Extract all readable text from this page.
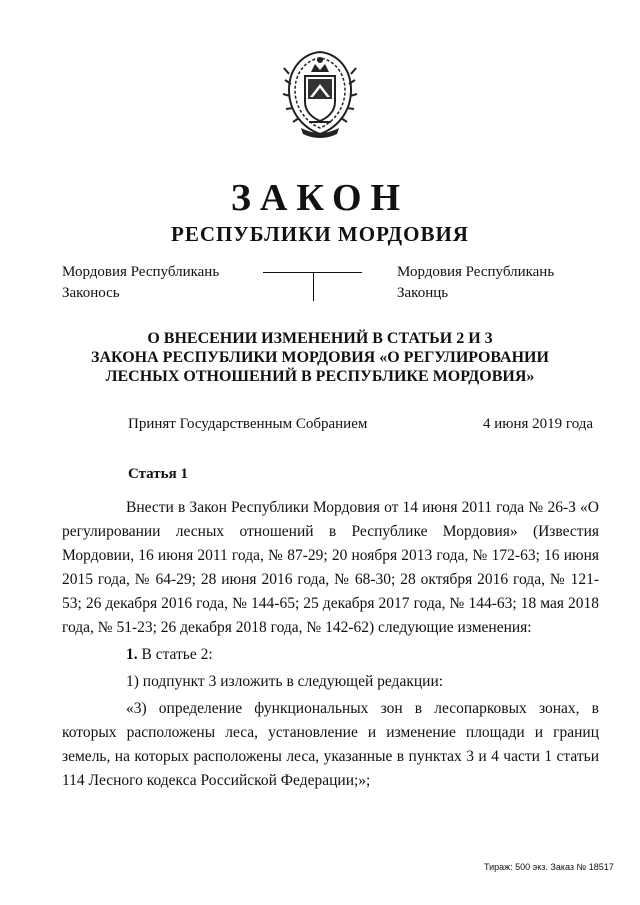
ЗАКОН
РЕСПУБЛИКИ МОРДОВИЯ
Мордовия Республикань
Законось
Мордовия Республикань
Законць
О ВНЕСЕНИИ ИЗМЕНЕНИЙ В СТАТЬИ 2 И 3
ЗАКОНА РЕСПУБЛИКИ МОРДОВИЯ «О РЕГУЛИРОВАНИИ
ЛЕСНЫХ ОТНОШЕНИЙ В РЕСПУБЛИКЕ МОРДОВИЯ»
Принят Государственным Собранием	4 июня 2019 года
Статья 1

Внести в Закон Республики Мордовия от 14 июня 2011 года № 26-З «О регулировании лесных отношений в Республике Мордовия» (Известия Мордовии, 16 июня 2011 года, № 87-29; 20 ноября 2013 года, № 172-63; 16 июня 2015 года, № 64-29; 28 июня 2016 года, № 68-30; 28 октября 2016 года, № 121-53; 26 декабря 2016 года, № 144-65; 25 декабря 2017 года, № 144-63; 18 мая 2018 года, № 51-23; 26 декабря 2018 года, № 142-62) следующие изменения:

1. В статье 2:

1) подпункт 3 изложить в следующей редакции:

«3) определение функциональных зон в лесопарковых зонах, в которых расположены леса, установление и изменение площади и границ земель, на которых расположены леса, указанные в пунктах 3 и 4 части 1 статьи 114 Лесного кодекса Российской Федерации;»;

Тираж: 500 экз. Заказ № 18517
